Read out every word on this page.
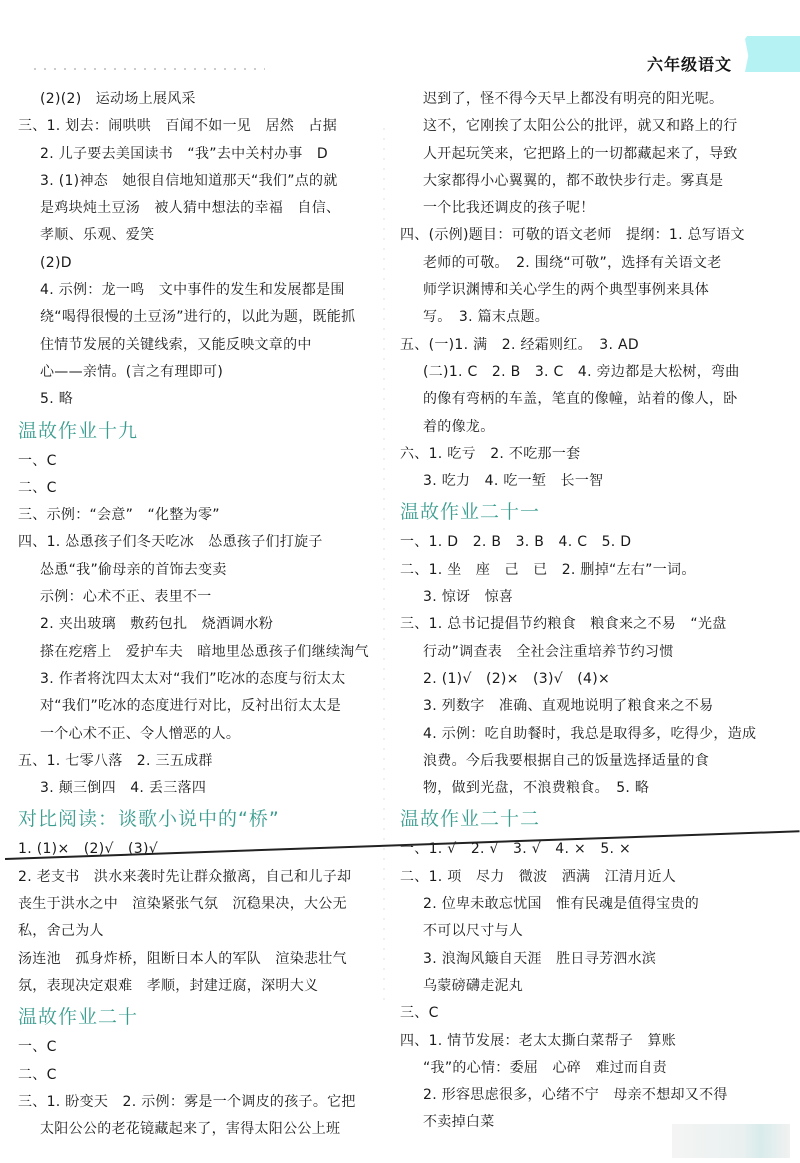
六年级语文
(2)(2)　运动场上展风采
三、1. 划去：闹哄哄　百闻不如一见　居然　占据
2. 儿子要去美国读书　“我”去中关村办事　D
3. (1)神态　她很自信地知道那天“我们”点的就
是鸡块炖土豆汤　被人猜中想法的幸福　自信、
孝顺、乐观、爱笑
(2)D
4. 示例：龙一鸣　文中事件的发生和发展都是围
绕“喝得很慢的土豆汤”进行的，以此为题，既能抓
住情节发展的关键线索，又能反映文章的中
心——亲情。(言之有理即可)
5. 略
温故作业十九
一、C
二、C
三、示例：“会意”　“化整为零”
四、1. 怂恿孩子们冬天吃冰　怂恿孩子们打旋子
怂恿“我”偷母亲的首饰去变卖
示例：心术不正、表里不一
2. 夹出玻璃　敷药包扎　烧酒调水粉
搽在疙瘩上　爱护车夫　暗地里怂恿孩子们继续淘气
3. 作者将沈四太太对“我们”吃冰的态度与衍太太
对“我们”吃冰的态度进行对比，反衬出衍太太是
一个心术不正、令人憎恶的人。
五、1. 七零八落　2. 三五成群
3. 颠三倒四　4. 丢三落四
对比阅读：谈歌小说中的“桥”
1. (1)×　(2)√　(3)√
2. 老支书　洪水来袭时先让群众撤离，自己和儿子却
丧生于洪水之中　渲染紧张气氛　沉稳果决，大公无
私，舍己为人
汤连池　孤身炸桥，阻断日本人的军队　渲染悲壮气
氛，表现决定艰难　孝顺，封建迂腐，深明大义
温故作业二十
一、C
二、C
三、1. 盼变天　2. 示例：雾是一个调皮的孩子。它把
太阳公公的老花镜藏起来了，害得太阳公公上班
迟到了，怪不得今天早上都没有明亮的阳光呢。
这不，它刚挨了太阳公公的批评，就又和路上的行
人开起玩笑来，它把路上的一切都藏起来了，导致
大家都得小心翼翼的，都不敢快步行走。雾真是
一个比我还调皮的孩子呢！
四、(示例)题目：可敬的语文老师　提纲：1. 总写语文
老师的可敬。　2. 围绕“可敬”，选择有关语文老
师学识渊博和关心学生的两个典型事例来具体
写。　3. 篇末点题。
五、(一)1. 满　2. 经霜则红。　3. AD
(二)1. C　2. B　3. C　4. 旁边都是大松树，弯曲
的像有弯柄的车盖，笔直的像幢，站着的像人，卧
着的像龙。
六、1. 吃亏　2. 不吃那一套
3. 吃力　4. 吃一堑　长一智
温故作业二十一
一、1. D　2. B　3. B　4. C　5. D
二、1. 坐　座　己　已　2. 删掉“左右”一词。
3. 惊讶　惊喜
三、1. 总书记提倡节约粮食　粮食来之不易　“光盘
行动”调查表　全社会注重培养节约习惯
2. (1)√　(2)×　(3)√　(4)×
3. 列数字　准确、直观地说明了粮食来之不易
4. 示例：吃自助餐时，我总是取得多，吃得少，造成
浪费。今后我要根据自己的饭量选择适量的食
物，做到光盘，不浪费粮食。　5. 略
温故作业二十二
一、1. √　2. √　3. √　4. ×　5. ×
二、1. 项　尽力　微波　洒满　江清月近人
2. 位卑未敢忘忧国　惟有民魂是值得宝贵的
不可以尺寸与人
3. 浪淘风簸自天涯　胜日寻芳泗水滨
乌蒙磅礴走泥丸
三、C
四、1. 情节发展：老太太撕白菜帮子　算账
“我”的心情：委屈　心碎　难过而自责
2. 形容思虑很多，心绪不宁　母亲不想却又不得
不卖掉白菜
